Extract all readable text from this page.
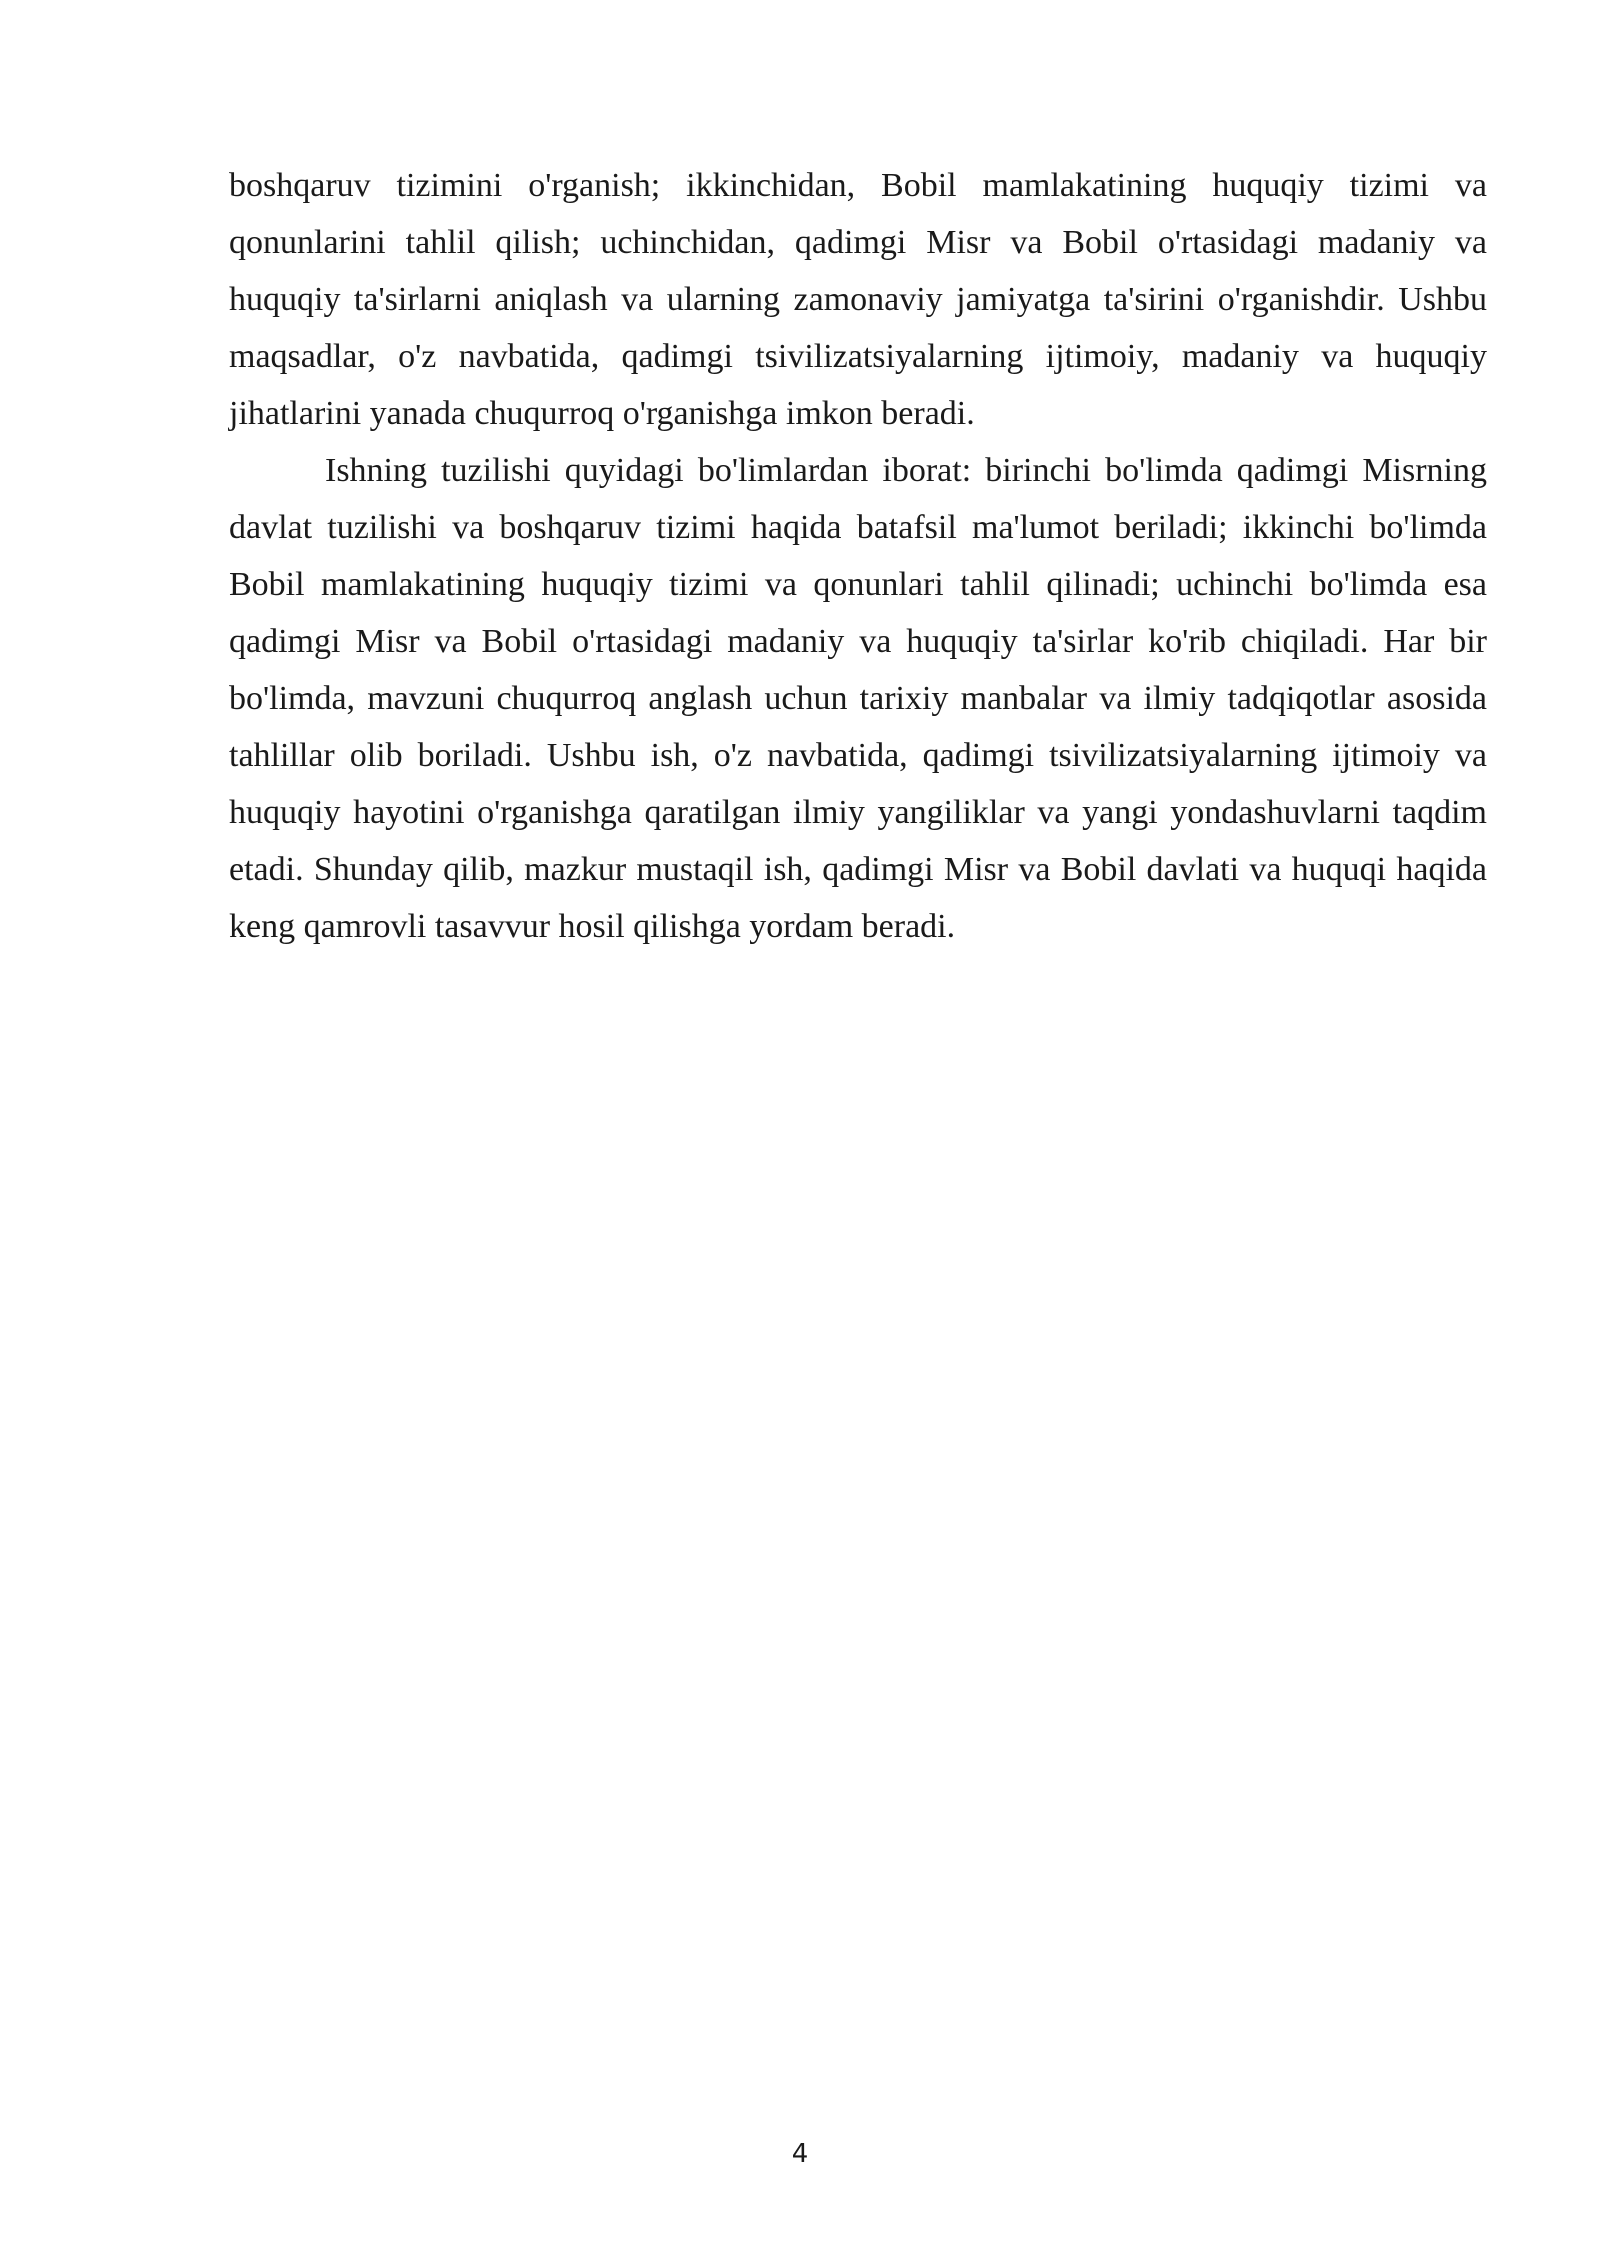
boshqaruv tizimini o'rganish; ikkinchidan, Bobil mamlakatining huquqiy tizimi va qonunlarini tahlil qilish; uchinchidan, qadimgi Misr va Bobil o'rtasidagi madaniy va huquqiy ta'sirlarni aniqlash va ularning zamonaviy jamiyatga ta'sirini o'rganishdir. Ushbu maqsadlar, o'z navbatida, qadimgi tsivilizatsiyalarning ijtimoiy, madaniy va huquqiy jihatlarini yanada chuqurroq o'rganishga imkon beradi.

Ishning tuzilishi quyidagi bo'limlardan iborat: birinchi bo'limda qadimgi Misrning davlat tuzilishi va boshqaruv tizimi haqida batafsil ma'lumot beriladi; ikkinchi bo'limda Bobil mamlakatining huquqiy tizimi va qonunlari tahlil qilinadi; uchinchi bo'limda esa qadimgi Misr va Bobil o'rtasidagi madaniy va huquqiy ta'sirlar ko'rib chiqiladi. Har bir bo'limda, mavzuni chuqurroq anglash uchun tarixiy manbalar va ilmiy tadqiqotlar asosida tahlillar olib boriladi. Ushbu ish, o'z navbatida, qadimgi tsivilizatsiyalarning ijtimoiy va huquqiy hayotini o'rganishga qaratilgan ilmiy yangiliklar va yangi yondashuvlarni taqdim etadi. Shunday qilib, mazkur mustaqil ish, qadimgi Misr va Bobil davlati va huquqi haqida keng qamrovli tasavvur hosil qilishga yordam beradi.

4
